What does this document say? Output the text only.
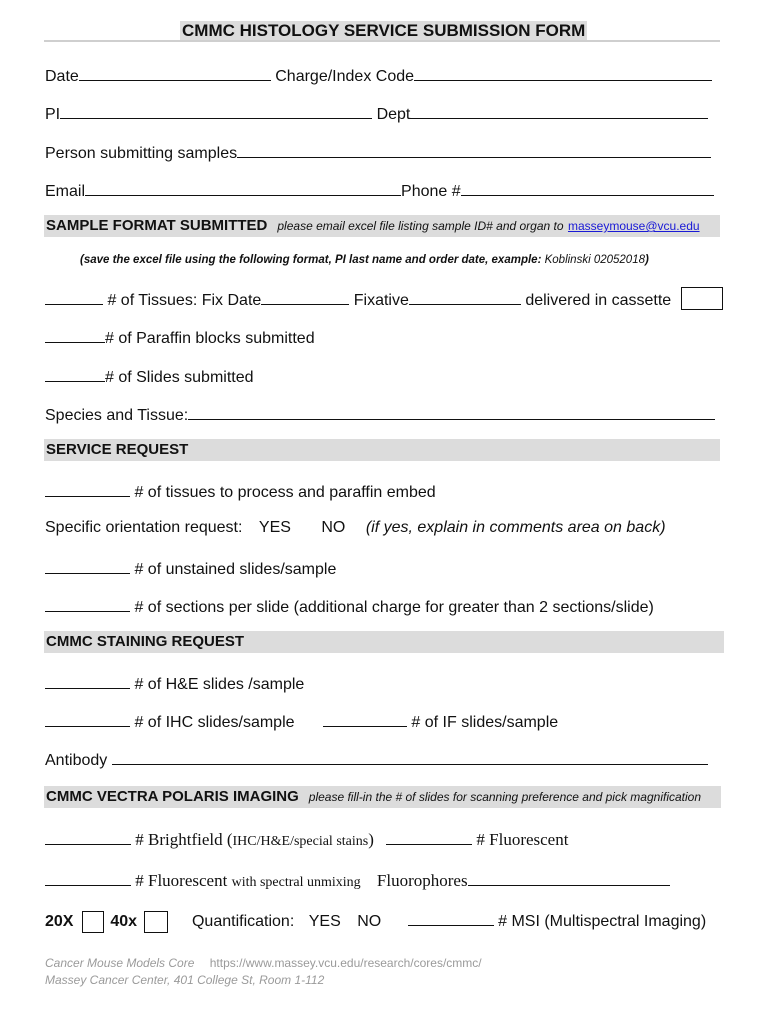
CMMC HISTOLOGY SERVICE SUBMISSION FORM
Date	Charge/Index Code
PI	Dept
Person submitting samples
Email	Phone #
SAMPLE FORMAT SUBMITTED please email excel file listing sample ID# and organ to masseymouse@vcu.edu
(save the excel file using the following format, PI last name and order date, example: Koblinski 02052018)
# of Tissues: Fix Date	Fixative	delivered in cassette
# of Paraffin blocks submitted
# of Slides submitted
Species and Tissue:
SERVICE REQUEST
# of tissues to process and paraffin embed
Specific orientation request: YES NO (if yes, explain in comments area on back)
# of unstained slides/sample
# of sections per slide (additional charge for greater than 2 sections/slide)
CMMC STAINING REQUEST
# of H&E slides /sample
# of IHC slides/sample	# of IF slides/sample
Antibody
CMMC VECTRA POLARIS IMAGING please fill-in the # of slides for scanning preference and pick magnification
# Brightfield (IHC/H&E/special stains)	# Fluorescent
# Fluorescent with spectral unmixing Fluorophores
20X 40x	Quantification: YES NO	# MSI (Multispectral Imaging)
Cancer Mouse Models Core https://www.massey.vcu.edu/research/cores/cmmc/
Massey Cancer Center, 401 College St, Room 1-112
